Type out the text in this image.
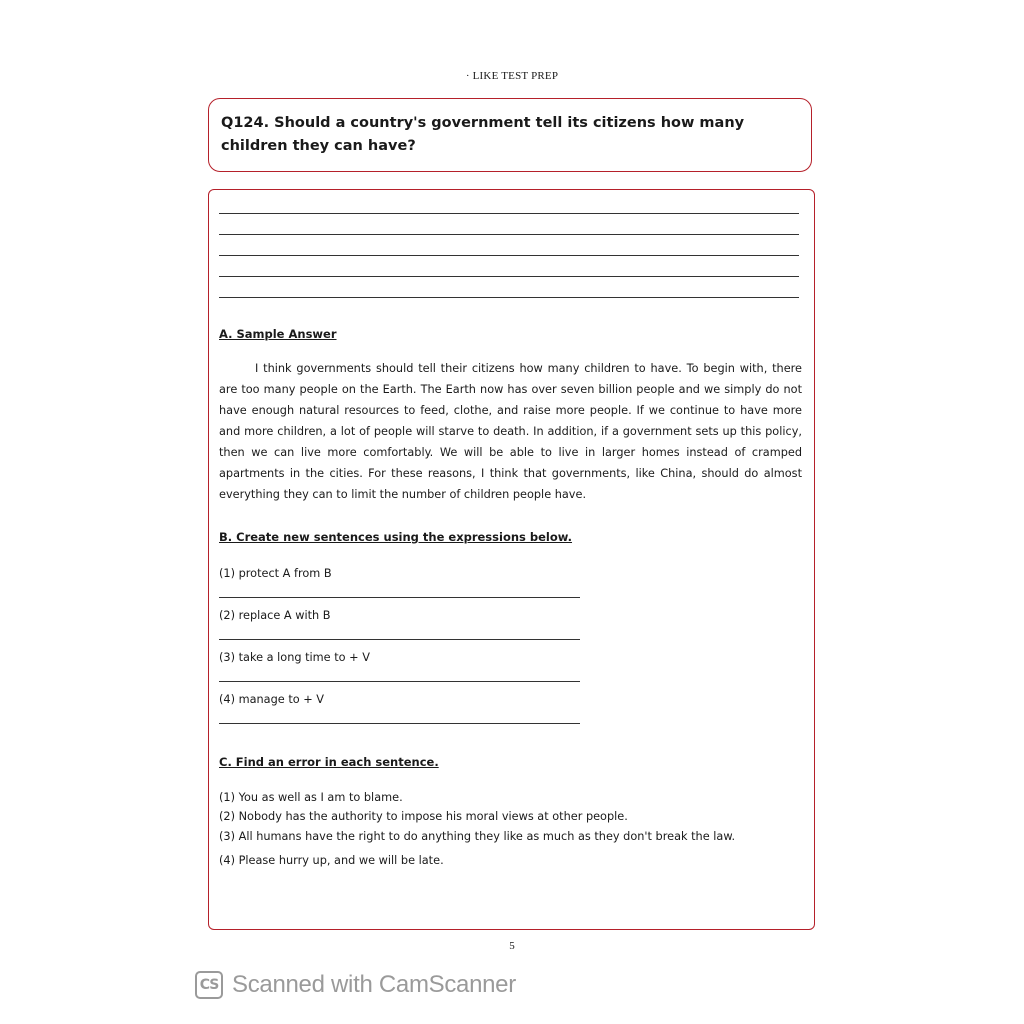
· LIKE TEST PREP
Q124. Should a country's government tell its citizens how many children they can have?
A. Sample Answer
I think governments should tell their citizens how many children to have. To begin with, there are too many people on the Earth. The Earth now has over seven billion people and we simply do not have enough natural resources to feed, clothe, and raise more people. If we continue to have more and more children, a lot of people will starve to death. In addition, if a government sets up this policy, then we can live more comfortably. We will be able to live in larger homes instead of cramped apartments in the cities. For these reasons, I think that governments, like China, should do almost everything they can to limit the number of children people have.
B. Create new sentences using the expressions below.
(1) protect A from B
(2) replace A with B
(3) take a long time to + V
(4) manage to + V
C. Find an error in each sentence.
(1) You as well as I am to blame.
(2) Nobody has the authority to impose his moral views at other people.
(3) All humans have the right to do anything they like as much as they don't break the law.
(4) Please hurry up, and we will be late.
5
CS Scanned with CamScanner
